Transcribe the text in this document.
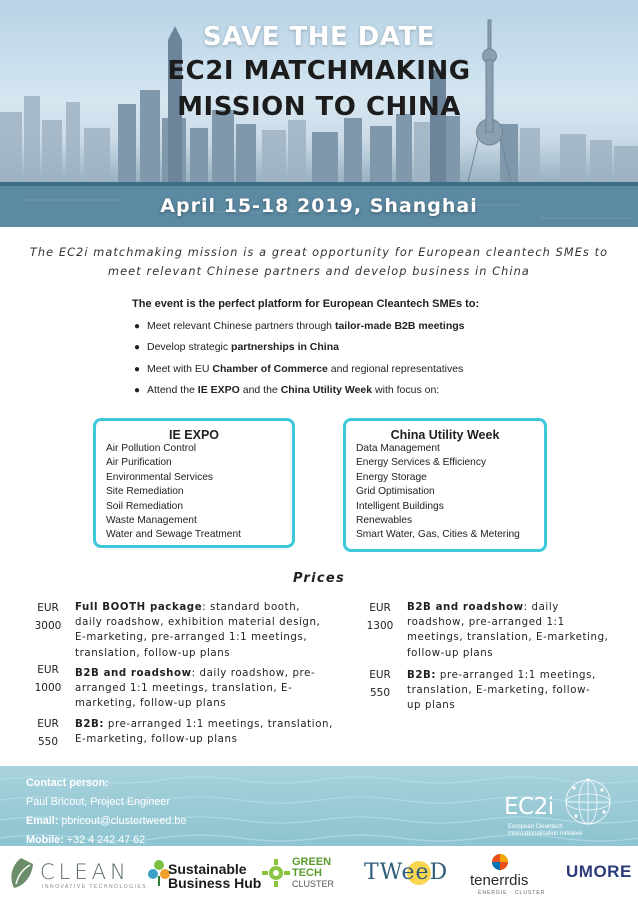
SAVE THE DATE
EC2I MATCHMAKING
MISSION TO CHINA
April 15-18 2019, Shanghai

The EC2i matchmaking mission is a great opportunity for European cleantech SMEs to meet relevant Chinese partners and develop business in China

The event is the perfect platform for European Cleantech SMEs to:
● Meet relevant Chinese partners through tailor-made B2B meetings
● Develop strategic partnerships in China
● Meet with EU Chamber of Commerce and regional representatives
● Attend the IE EXPO and the China Utility Week with focus on:
IE EXPO
Air Pollution Control
Air Purification
Environmental Services
Site Remediation
Soil Remediation
Waste Management
Water and Sewage Treatment
China Utility Week
Data Management
Energy Services & Efficiency
Energy Storage
Grid Optimisation
Intelligent Buildings
Renewables
Smart Water, Gas, Cities & Metering
Prices
EUR
3000
Full BOOTH package: standard booth,
daily roadshow, exhibition material design,
E-marketing, pre-arranged 1:1 meetings,
translation, follow-up plans
EUR
1000
B2B and roadshow: daily roadshow, pre-
arranged 1:1 meetings, translation, E-
marketing, follow-up plans
EUR
550
B2B: pre-arranged 1:1 meetings, translation,
E-marketing, follow-up plans
EUR
1300
B2B and roadshow: daily
roadshow, pre-arranged 1:1
meetings, translation, E-marketing,
follow-up plans
EUR
550
B2B: pre-arranged 1:1 meetings,
translation, E-marketing, follow-
up plans
Contact person:
Paul Bricout, Project Engineer
Email: pbricout@clustertweed.be
Mobile: +32 4 242 47 62
EC2i
European Cleantech
Internationalisation Initiative
CLEAN
INNOVATIVE TECHNOLOGIES
Sustainable
Business Hub
GREEN
TECH
CLUSTER TWeeD tenerrdis
ÉNERGIE · CLUSTER
UMORE
